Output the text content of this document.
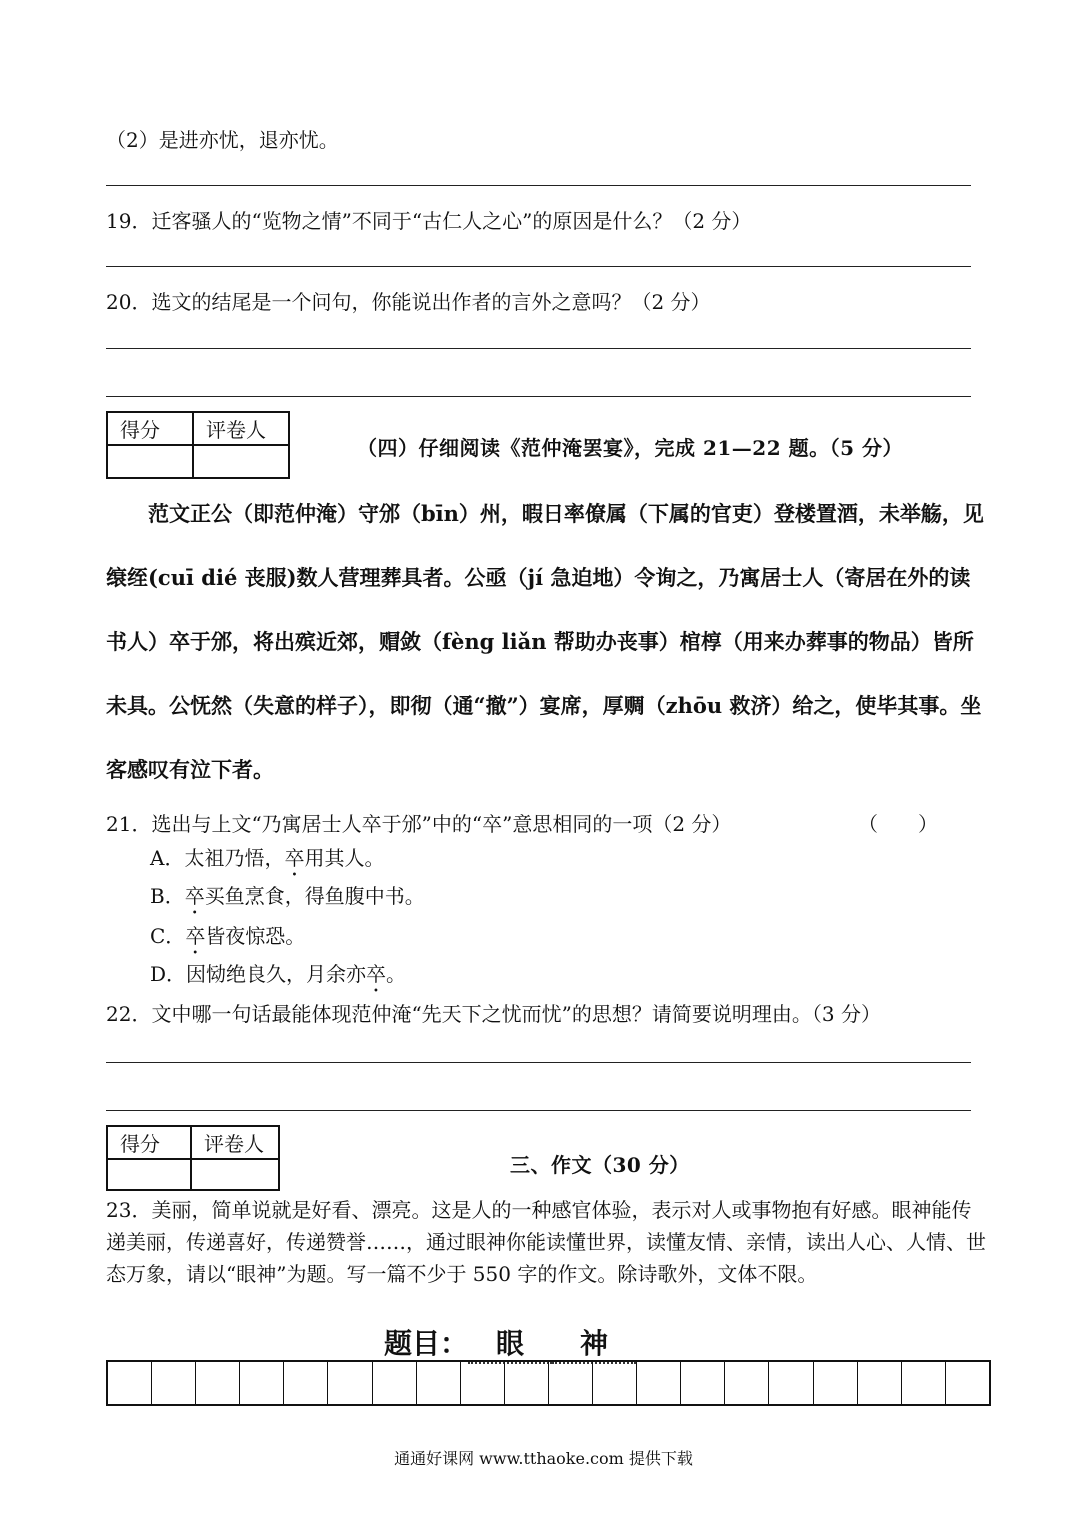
（2）是进亦忧，退亦忧。
19．迁客骚人的“览物之情”不同于“古仁人之心”的原因是什么？（2 分）
20．选文的结尾是一个问句，你能说出作者的言外之意吗？（2 分）
得分	评卷人

（四）仔细阅读《范仲淹罢宴》，完成 21—22 题。（5 分）
范文正公（即范仲淹）守邠（bīn）州，暇日率僚属（下属的官吏）登楼置酒，未举觞，见缞绖(cuī dié 丧服)数人营理葬具者。公亟（jí 急迫地）令询之，乃寓居士人（寄居在外的读书人）卒于邠，将出殡近郊，赗敛（fèng liǎn 帮助办丧事）棺椁（用来办葬事的物品）皆所未具。公怃然（失意的样子），即彻（通“撤”）宴席，厚赒（zhōu 救济）给之，使毕其事。坐客感叹有泣下者。
21．选出与上文“乃寓居士人卒于邠”中的“卒”意思相同的一项（2 分）	（　　）
A．太祖乃悟，卒用其人。
B．卒买鱼烹食，得鱼腹中书。
C．卒皆夜惊恐。
D．因恸绝良久，月余亦卒。
22．文中哪一句话最能体现范仲淹“先天下之忧而忧”的思想？请简要说明理由。（3 分）
得分	评卷人

三、作文（30 分）
23．美丽，简单说就是好看、漂亮。这是人的一种感官体验，表示对人或事物抱有好感。眼神能传递美丽，传递喜好，传递赞誉……，通过眼神你能读懂世界，读懂友情、亲情，读出人心、人情、世态万象，请以“眼神”为题。写一篇不少于 550 字的作文。除诗歌外，文体不限。
题目： 眼 神
通通好课网 www.tthaoke.com 提供下载
